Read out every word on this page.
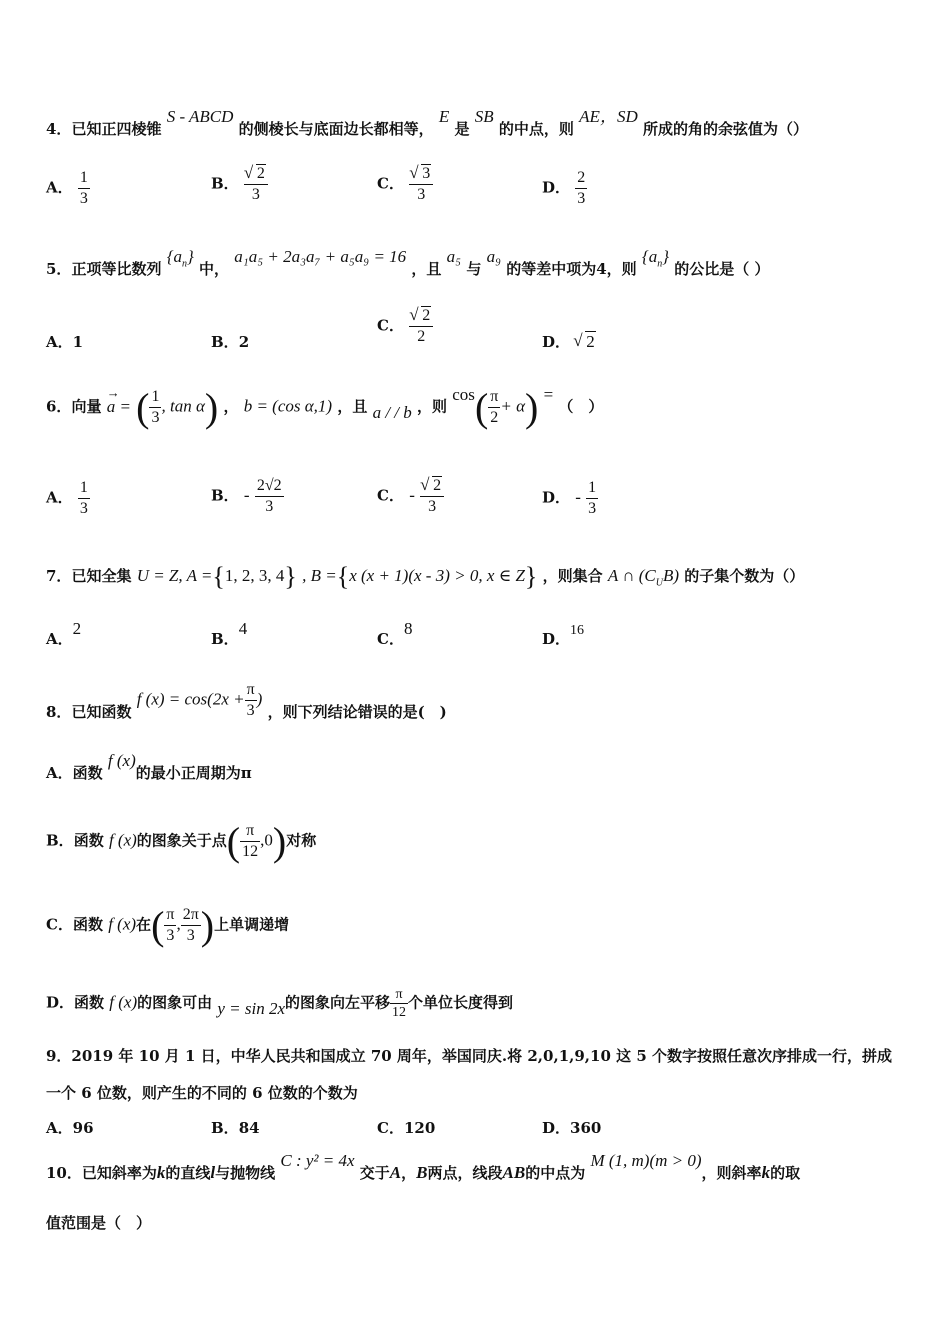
4．已知正四棱锥 S - ABCD 的侧棱长与底面边长都相等， E 是 SB 的中点，则 AE，SD 所成的角的余弦值为（）
A． $\frac{1}{3}$	B． √ $\frac{2}{3}$	C． √ $\frac{3}{3}$	D． $\frac{2}{3}$
5．正项等比数列 $\{a_n\}$ 中， a₁a₅ + 2a₃a₇ + a₅a₉ = 16 ，且 a₅ 与 a₉ 的等差中项为4，则 $\{a_n\}$ 的公比是（ ）
A．1	B．2
C． √ $\frac{2}{2}$	D． √ 2
6．向量
→
a = ( $\frac{1}{3}$ , tan α) ， b = (cos α,1) ，且 a / / b ，则 $\cos( \frac{\pi}{2} + \alpha)$ = （　）
A． $\frac{1}{3}$	B． - $\frac{2√2}{3}$	C． - √ $\frac{2}{3}$	D． - $\frac{1}{3}$
7．已知全集 U = Z, A ={1, 2, 3, 4} , B ={x (x + 1)(x - 3) > 0, x ∈ Z} ，则集合 A ∩ $(C_UB)$ 的子集个数为（）
A．2
B．4
C．8
D．16
8．已知函数 f $(x) = \cos(2x + \frac{\pi}{3}$ ) ，则下列结论错误的是(　)
A．函数 f (x)的最小正周期为π
B．函数 f (x)的图象关于点( $\frac{\pi}{12} ,0$)对称
C．函数 f (x)在( $\frac{\pi}{3}$ , $\frac{2\pi}{3}$ )上单调递增
D．函数 f (x)的图象可由 y = sin 2x的图象向左平移 $\frac{\pi}{12}$ 个单位长度得到
9．2019 年 10 月 1 日，中华人民共和国成立 70 周年，举国同庆.将 2,0,1,9,10 这 5 个数字按照任意次序排成一行，拼成
一个 6 位数，则产生的不同的 6 位数的个数为
A．96	B．84	C．120	D．360
10．已知斜率为k的直线l与抛物线 C : y² = 4x 交于A，B两点，线段AB的中点为 M (1, m)(m > 0)，则斜率k的取
值范围是（　）
